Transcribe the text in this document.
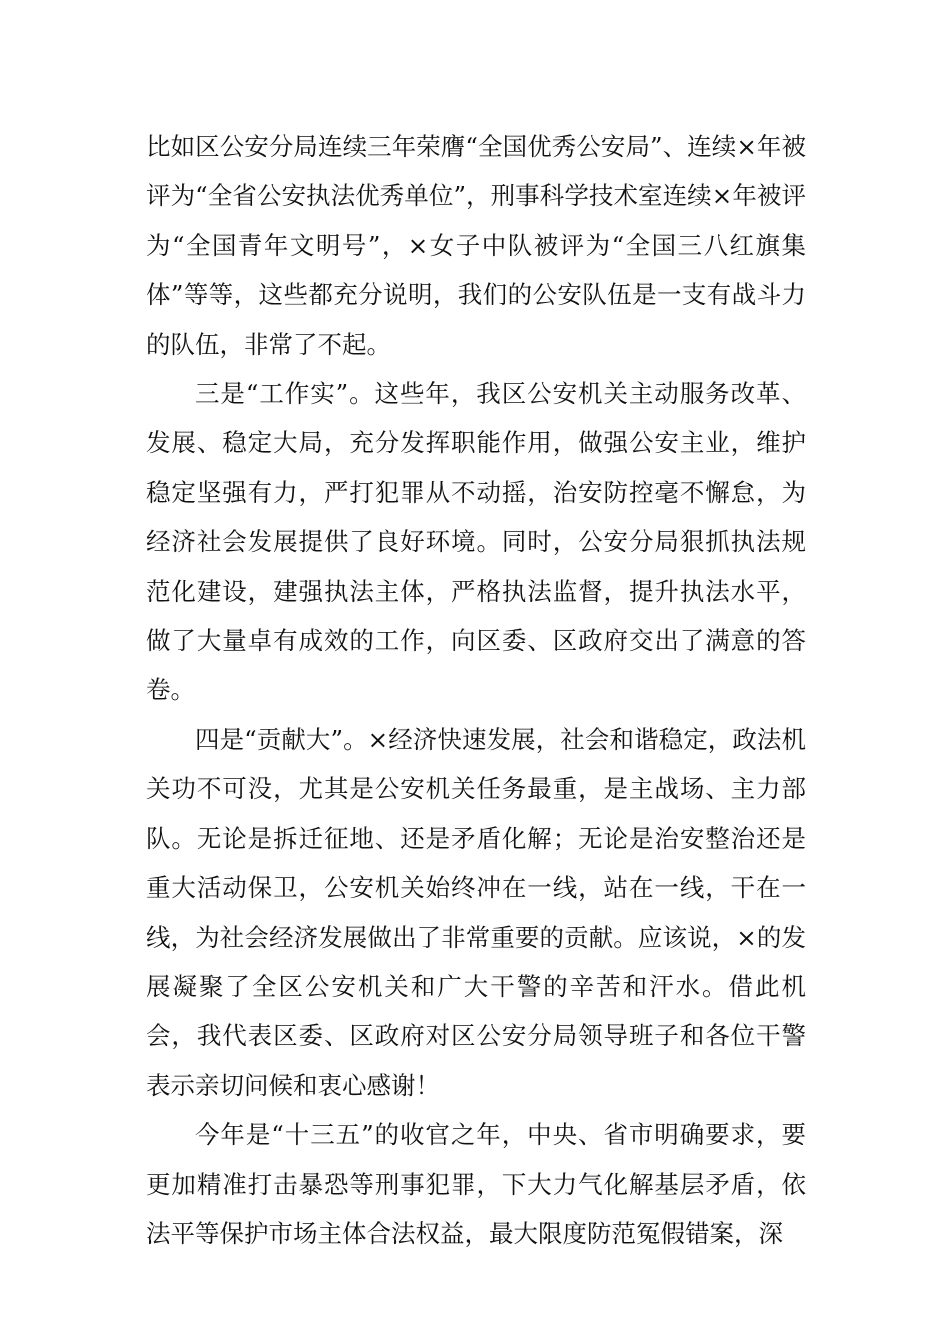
比如区公安分局连续三年荣膺“全国优秀公安局”、连续×年被评为“全省公安执法优秀单位”，刑事科学技术室连续×年被评为“全国青年文明号”，×女子中队被评为“全国三八红旗集体”等等，这些都充分说明，我们的公安队伍是一支有战斗力的队伍，非常了不起。

三是“工作实”。这些年，我区公安机关主动服务改革、发展、稳定大局，充分发挥职能作用，做强公安主业，维护稳定坚强有力，严打犯罪从不动摇，治安防控毫不懈怠，为经济社会发展提供了良好环境。同时，公安分局狠抓执法规范化建设，建强执法主体，严格执法监督，提升执法水平，做了大量卓有成效的工作，向区委、区政府交出了满意的答卷。

四是“贡献大”。×经济快速发展，社会和谐稳定，政法机关功不可没，尤其是公安机关任务最重，是主战场、主力部队。无论是拆迁征地、还是矛盾化解；无论是治安整治还是重大活动保卫，公安机关始终冲在一线，站在一线，干在一线，为社会经济发展做出了非常重要的贡献。应该说，×的发展凝聚了全区公安机关和广大干警的辛苦和汗水。借此机会，我代表区委、区政府对区公安分局领导班子和各位干警表示亲切问候和衷心感谢！

今年是“十三五”的收官之年，中央、省市明确要求，要更加精准打击暴恐等刑事犯罪，下大力气化解基层矛盾，依法平等保护市场主体合法权益，最大限度防范冤假错案，深
